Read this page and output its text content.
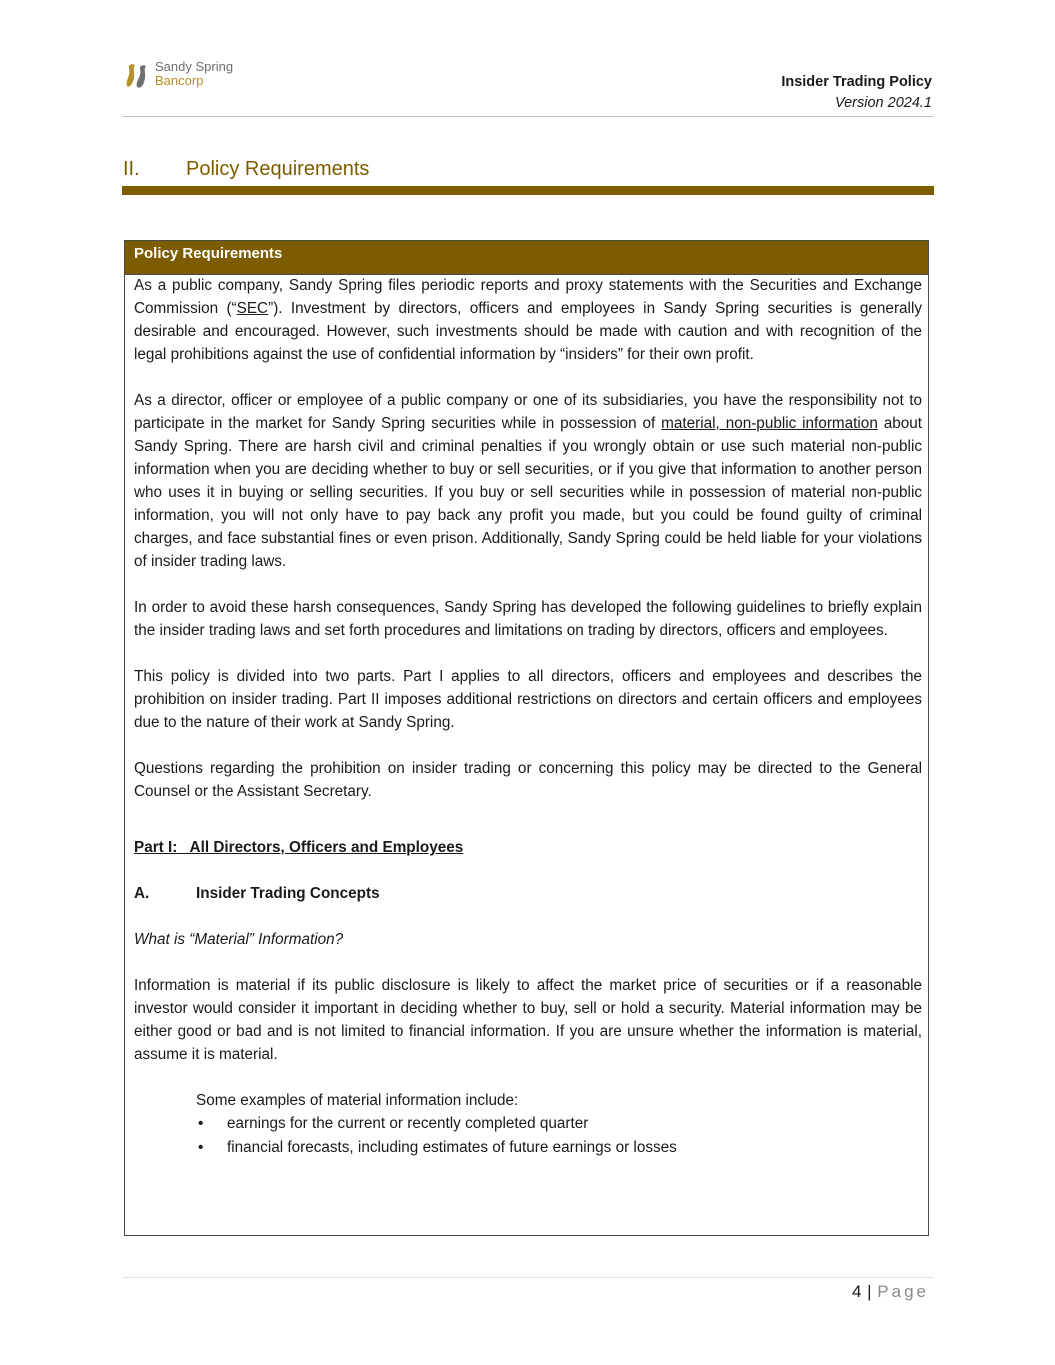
Sandy Spring
Bancorp	Insider Trading Policy
Version 2024.1
II. Policy Requirements
Policy Requirements

As a public company, Sandy Spring files periodic reports and proxy statements with the Securities and Exchange Commission (“SEC”). Investment by directors, officers and employees in Sandy Spring securities is generally desirable and encouraged. However, such investments should be made with caution and with recognition of the legal prohibitions against the use of confidential information by “insiders” for their own profit.

As a director, officer or employee of a public company or one of its subsidiaries, you have the responsibility not to participate in the market for Sandy Spring securities while in possession of material, non-public information about Sandy Spring. There are harsh civil and criminal penalties if you wrongly obtain or use such material non-public information when you are deciding whether to buy or sell securities, or if you give that information to another person who uses it in buying or selling securities. If you buy or sell securities while in possession of material non-public information, you will not only have to pay back any profit you made, but you could be found guilty of criminal charges, and face substantial fines or even prison. Additionally, Sandy Spring could be held liable for your violations of insider trading laws.

In order to avoid these harsh consequences, Sandy Spring has developed the following guidelines to briefly explain the insider trading laws and set forth procedures and limitations on trading by directors, officers and employees.

This policy is divided into two parts. Part I applies to all directors, officers and employees and describes the prohibition on insider trading. Part II imposes additional restrictions on directors and certain officers and employees due to the nature of their work at Sandy Spring.

Questions regarding the prohibition on insider trading or concerning this policy may be directed to the General Counsel or the Assistant Secretary.

Part I:   All Directors, Officers and Employees
A.	Insider Trading Concepts
What is “Material” Information?

Information is material if its public disclosure is likely to affect the market price of securities or if a reasonable investor would consider it important in deciding whether to buy, sell or hold a security. Material information may be either good or bad and is not limited to financial information. If you are unsure whether the information is material, assume it is material.

Some examples of material information include:
• earnings for the current or recently completed quarter
• financial forecasts, including estimates of future earnings or losses
4 | Page
